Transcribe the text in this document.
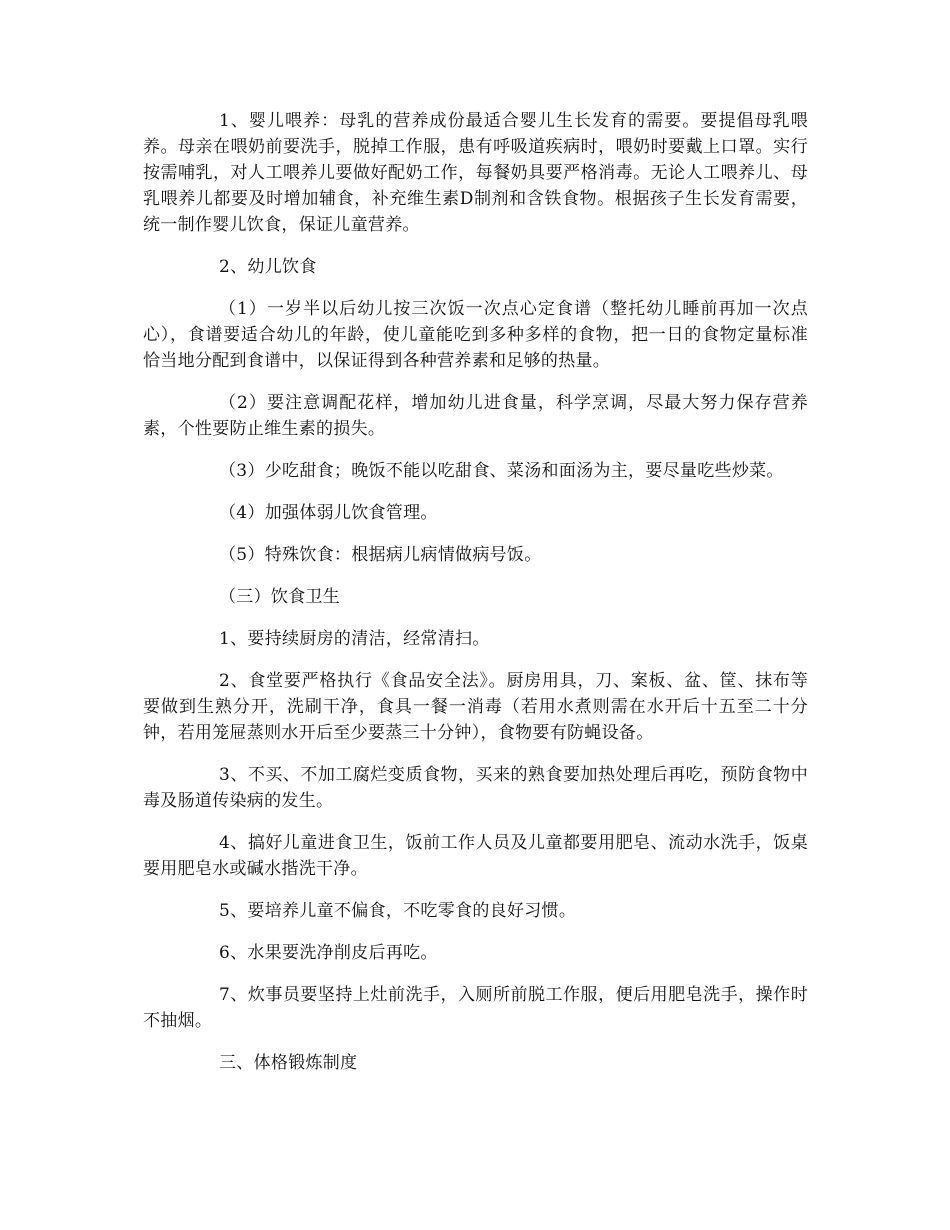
1、婴儿喂养：母乳的营养成份最适合婴儿生长发育的需要。要提倡母乳喂养。母亲在喂奶前要洗手，脱掉工作服，患有呼吸道疾病时，喂奶时要戴上口罩。实行按需哺乳，对人工喂养儿要做好配奶工作，每餐奶具要严格消毒。无论人工喂养儿、母乳喂养儿都要及时增加辅食，补充维生素D制剂和含铁食物。根据孩子生长发育需要，统一制作婴儿饮食，保证儿童营养。

2、幼儿饮食

（1）一岁半以后幼儿按三次饭一次点心定食谱（整托幼儿睡前再加一次点心），食谱要适合幼儿的年龄，使儿童能吃到多种多样的食物，把一日的食物定量标准恰当地分配到食谱中，以保证得到各种营养素和足够的热量。

（2）要注意调配花样，增加幼儿进食量，科学烹调，尽最大努力保存营养素，个性要防止维生素的损失。

（3）少吃甜食；晚饭不能以吃甜食、菜汤和面汤为主，要尽量吃些炒菜。

（4）加强体弱儿饮食管理。

（5）特殊饮食：根据病儿病情做病号饭。

（三）饮食卫生

1、要持续厨房的清洁，经常清扫。

2、食堂要严格执行《食品安全法》。厨房用具，刀、案板、盆、筐、抹布等要做到生熟分开，洗刷干净，食具一餐一消毒（若用水煮则需在水开后十五至二十分钟，若用笼屉蒸则水开后至少要蒸三十分钟），食物要有防蝇设备。

3、不买、不加工腐烂变质食物，买来的熟食要加热处理后再吃，预防食物中毒及肠道传染病的发生。

4、搞好儿童进食卫生，饭前工作人员及儿童都要用肥皂、流动水洗手，饭桌要用肥皂水或碱水揩洗干净。

5、要培养儿童不偏食，不吃零食的良好习惯。

6、水果要洗净削皮后再吃。

7、炊事员要坚持上灶前洗手，入厕所前脱工作服，便后用肥皂洗手，操作时不抽烟。

三、体格锻炼制度
